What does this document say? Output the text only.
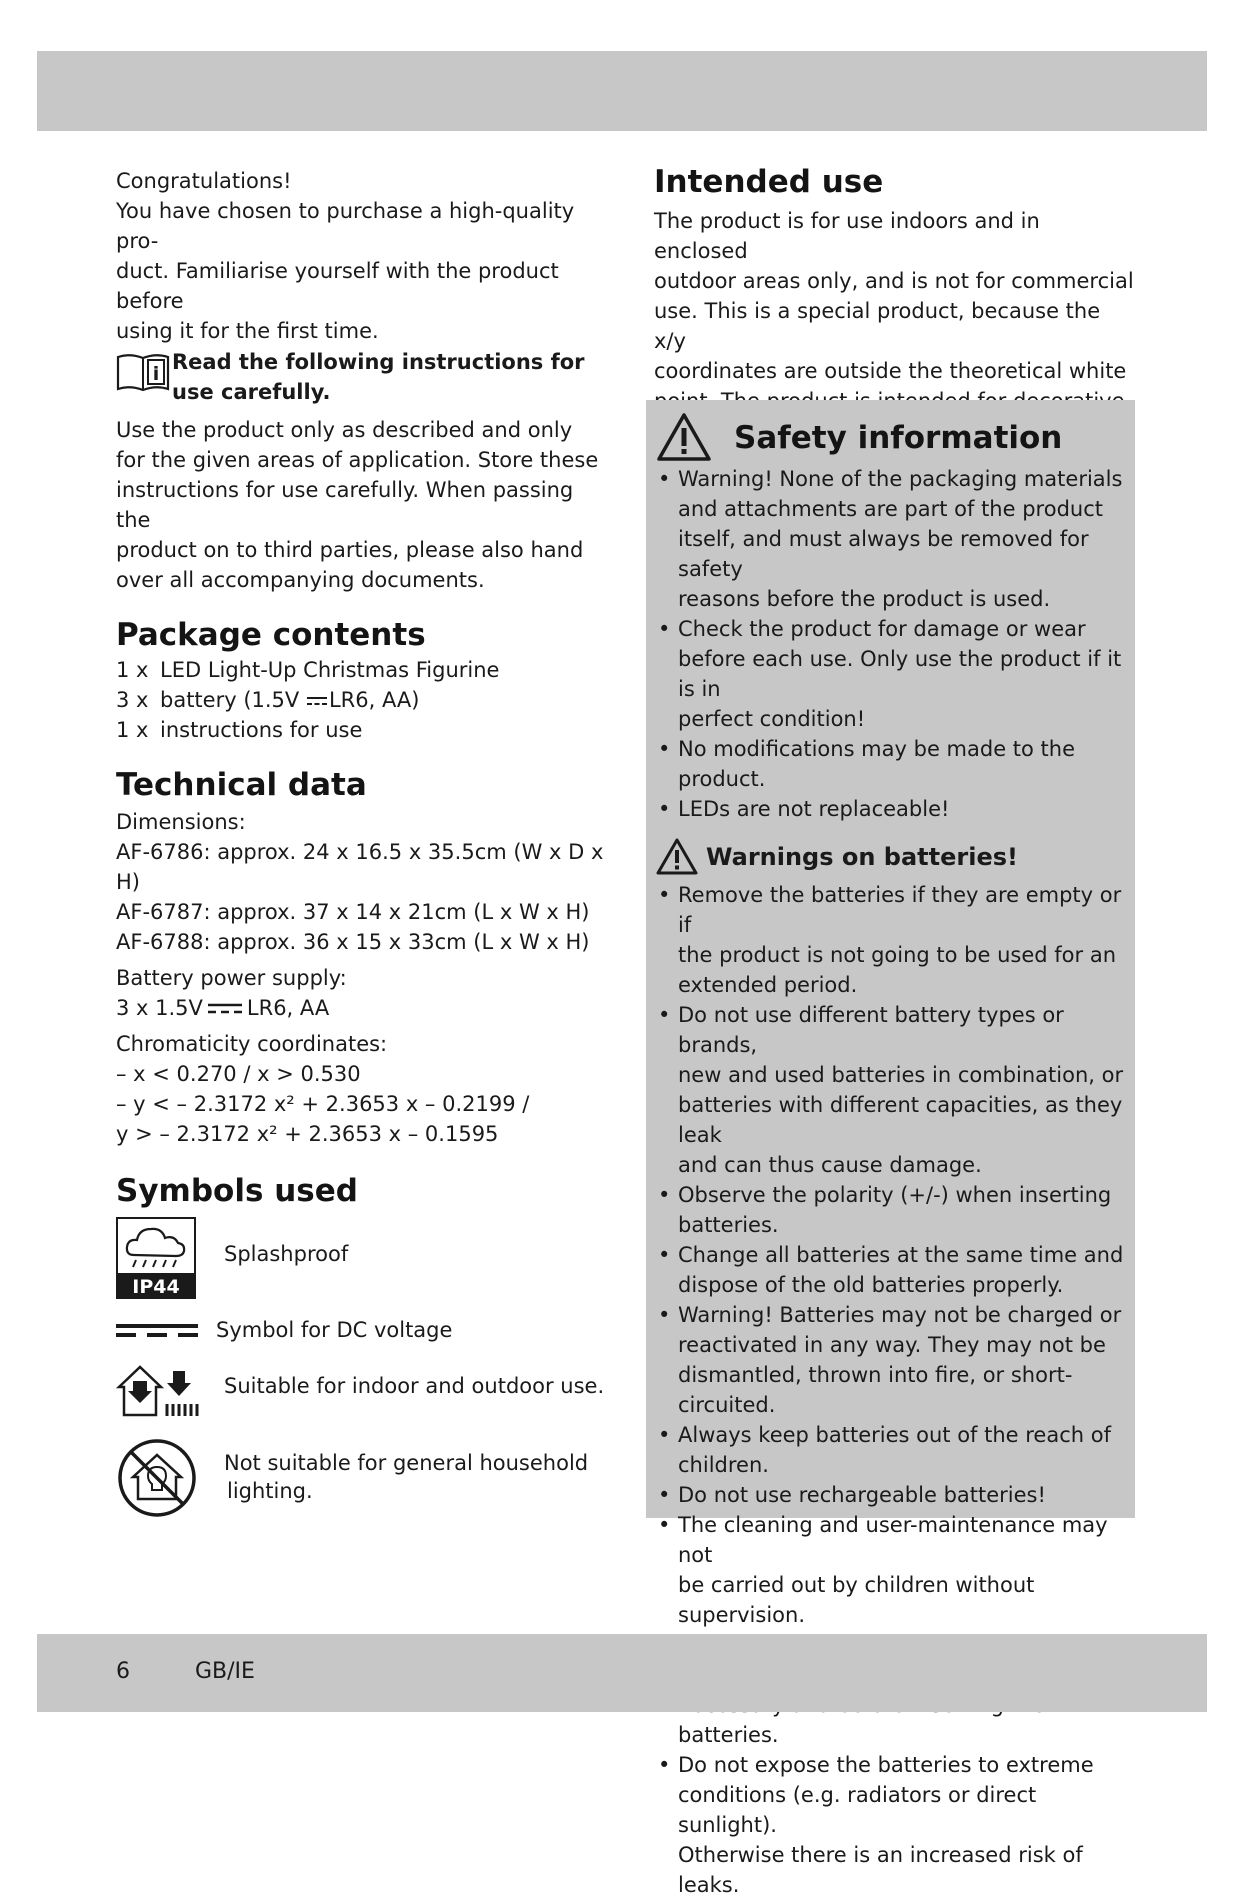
Congratulations!

You have chosen to purchase a high-quality pro-

duct. Familiarise yourself with the product before

using it for the first time.

i Read the following instructions for

use carefully.

Use the product only as described and only

for the given areas of application. Store these

instructions for use carefully. When passing the

product on to third parties, please also hand

over all accompanying documents.

Package contents
1 x LED Light-Up Christmas Figurine
3 x battery (1.5V LR6, AA)
1 x instructions for use
Technical data

Dimensions:

AF-6786: approx. 24 x 16.5 x 35.5cm (W x D x H)

AF-6787: approx. 37 x 14 x 21cm (L x W x H)

AF-6788: approx. 36 x 15 x 33cm (L x W x H)

Battery power supply:

3 x 1.5V LR6, AA

Chromaticity coordinates:

– x < 0.270 / x > 0.530

– y < – 2.3172 x² + 2.3653 x – 0.2199 /

y > – 2.3172 x² + 2.3653 x – 0.1595

Symbols used
IP44
Splashproof
Symbol for DC voltage
Suitable for indoor and outdoor use.
Not suitable for general household
lighting.
Intended use

The product is for use indoors and in enclosed

outdoor areas only, and is not for commercial

use. This is a special product, because the x/y

coordinates are outside the theoretical white

Safety information

• Warning! None of the packaging materials

and attachments are part of the product

itself, and must always be removed for safety

reasons before the product is used.

• Check the product for damage or wear

before each use. Only use the product if it is in

perfect condition!

• No modifications may be made to the product.

• LEDs are not replaceable!

Warnings on batteries!

• Remove the batteries if they are empty or if

the product is not going to be used for an

extended period.

• Do not use different battery types or brands,

new and used batteries in combination, or

batteries with different capacities, as they leak

and can thus cause damage.

• Observe the polarity (+/-) when inserting

batteries.

• Change all batteries at the same time and

dispose of the old batteries properly.

• Warning! Batteries may not be charged or

reactivated in any way. They may not be

dismantled, thrown into fire, or short-circuited.

• Always keep batteries out of the reach of

children.

• Do not use rechargeable batteries!

• The cleaning and user-maintenance may not

be carried out by children without supervision.

• batteries.

• Do not expose the batteries to extreme

conditions (e.g. radiators or direct sunlight).

Otherwise there is an increased risk of leaks.

6	GB/IE
